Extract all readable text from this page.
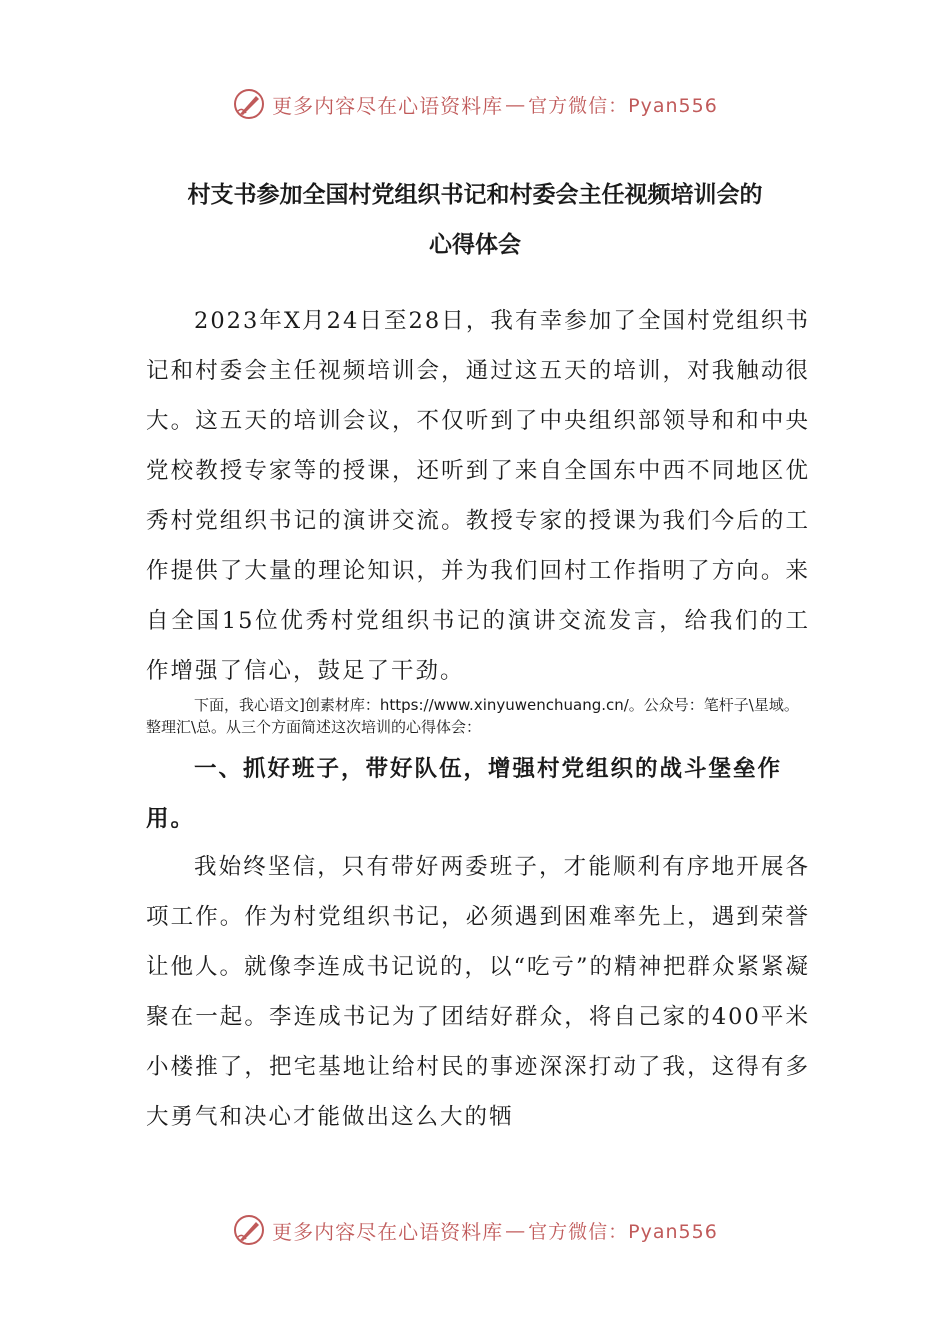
更多内容尽在心语资料库 — 官方微信：Pyan556
村支书参加全国村党组织书记和村委会主任视频培训会的
心得体会

2023年X月24日至28日，我有幸参加了全国村党组织书记和村委会主任视频培训会，通过这五天的培训，对我触动很大。这五天的培训会议，不仅听到了中央组织部领导和和中央党校教授专家等的授课，还听到了来自全国东中西不同地区优秀村党组织书记的演讲交流。教授专家的授课为我们今后的工作提供了大量的理论知识，并为我们回村工作指明了方向。来自全国15位优秀村党组织书记的演讲交流发言，给我们的工作增强了信心，鼓足了干劲。

下面，我心语文]创素材库：https://www.xinyuwenchuang.cn/。公众号：笔杆子\星域。整理汇\总。从三个方面简述这次培训的心得体会：

一、抓好班子，带好队伍，增强村党组织的战斗堡垒作用。

我始终坚信，只有带好两委班子，才能顺利有序地开展各项工作。作为村党组织书记，必须遇到困难率先上，遇到荣誉让他人。就像李连成书记说的，以“吃亏”的精神把群众紧紧凝聚在一起。李连成书记为了团结好群众，将自己家的400平米小楼推了，把宅基地让给村民的事迹深深打动了我，这得有多大勇气和决心才能做出这么大的牺

更多内容尽在心语资料库 — 官方微信：Pyan556
